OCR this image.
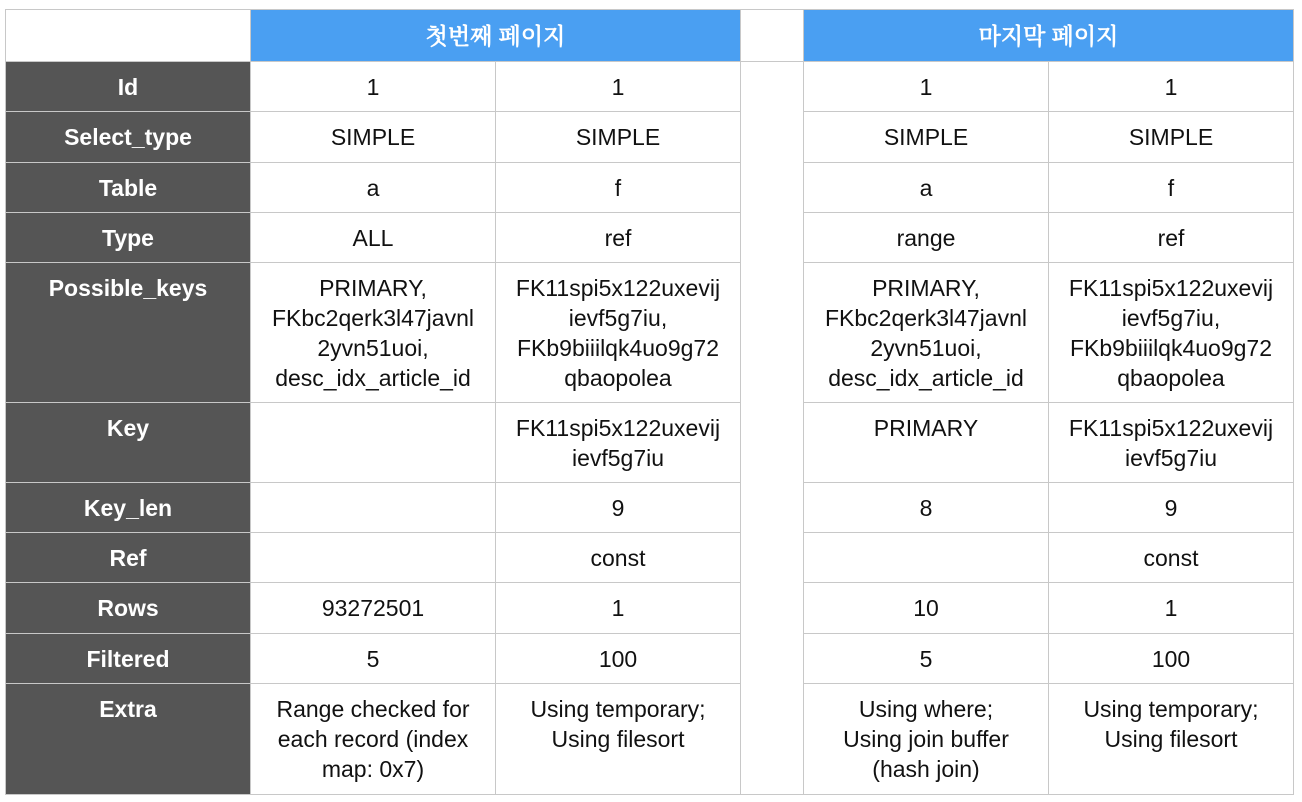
	첫번째 페이지			마지막 페이지	
Id	1	1		1	1
Select_type	SIMPLE	SIMPLE		SIMPLE	SIMPLE
Table	a	f		a	f
Type	ALL	ref		range	ref
Possible_keys	PRIMARY,
FKbc2qerk3l47javnl
2yvn51uoi,
desc_idx_article_id	FK11spi5x122uxevij
ievf5g7iu,
FKb9biiilqk4uo9g72
qbaopolea		PRIMARY,
FKbc2qerk3l47javnl
2yvn51uoi,
desc_idx_article_id	FK11spi5x122uxevij
ievf5g7iu,
FKb9biiilqk4uo9g72
qbaopolea
Key		FK11spi5x122uxevij
ievf5g7iu		PRIMARY	FK11spi5x122uxevij
ievf5g7iu
Key_len		9		8	9
Ref		const			const
Rows	93272501	1		10	1
Filtered	5	100		5	100
Extra	Range checked for
each record (index
map: 0x7)	Using temporary;
Using filesort		Using where;
Using join buffer
(hash join)	Using temporary;
Using filesort
